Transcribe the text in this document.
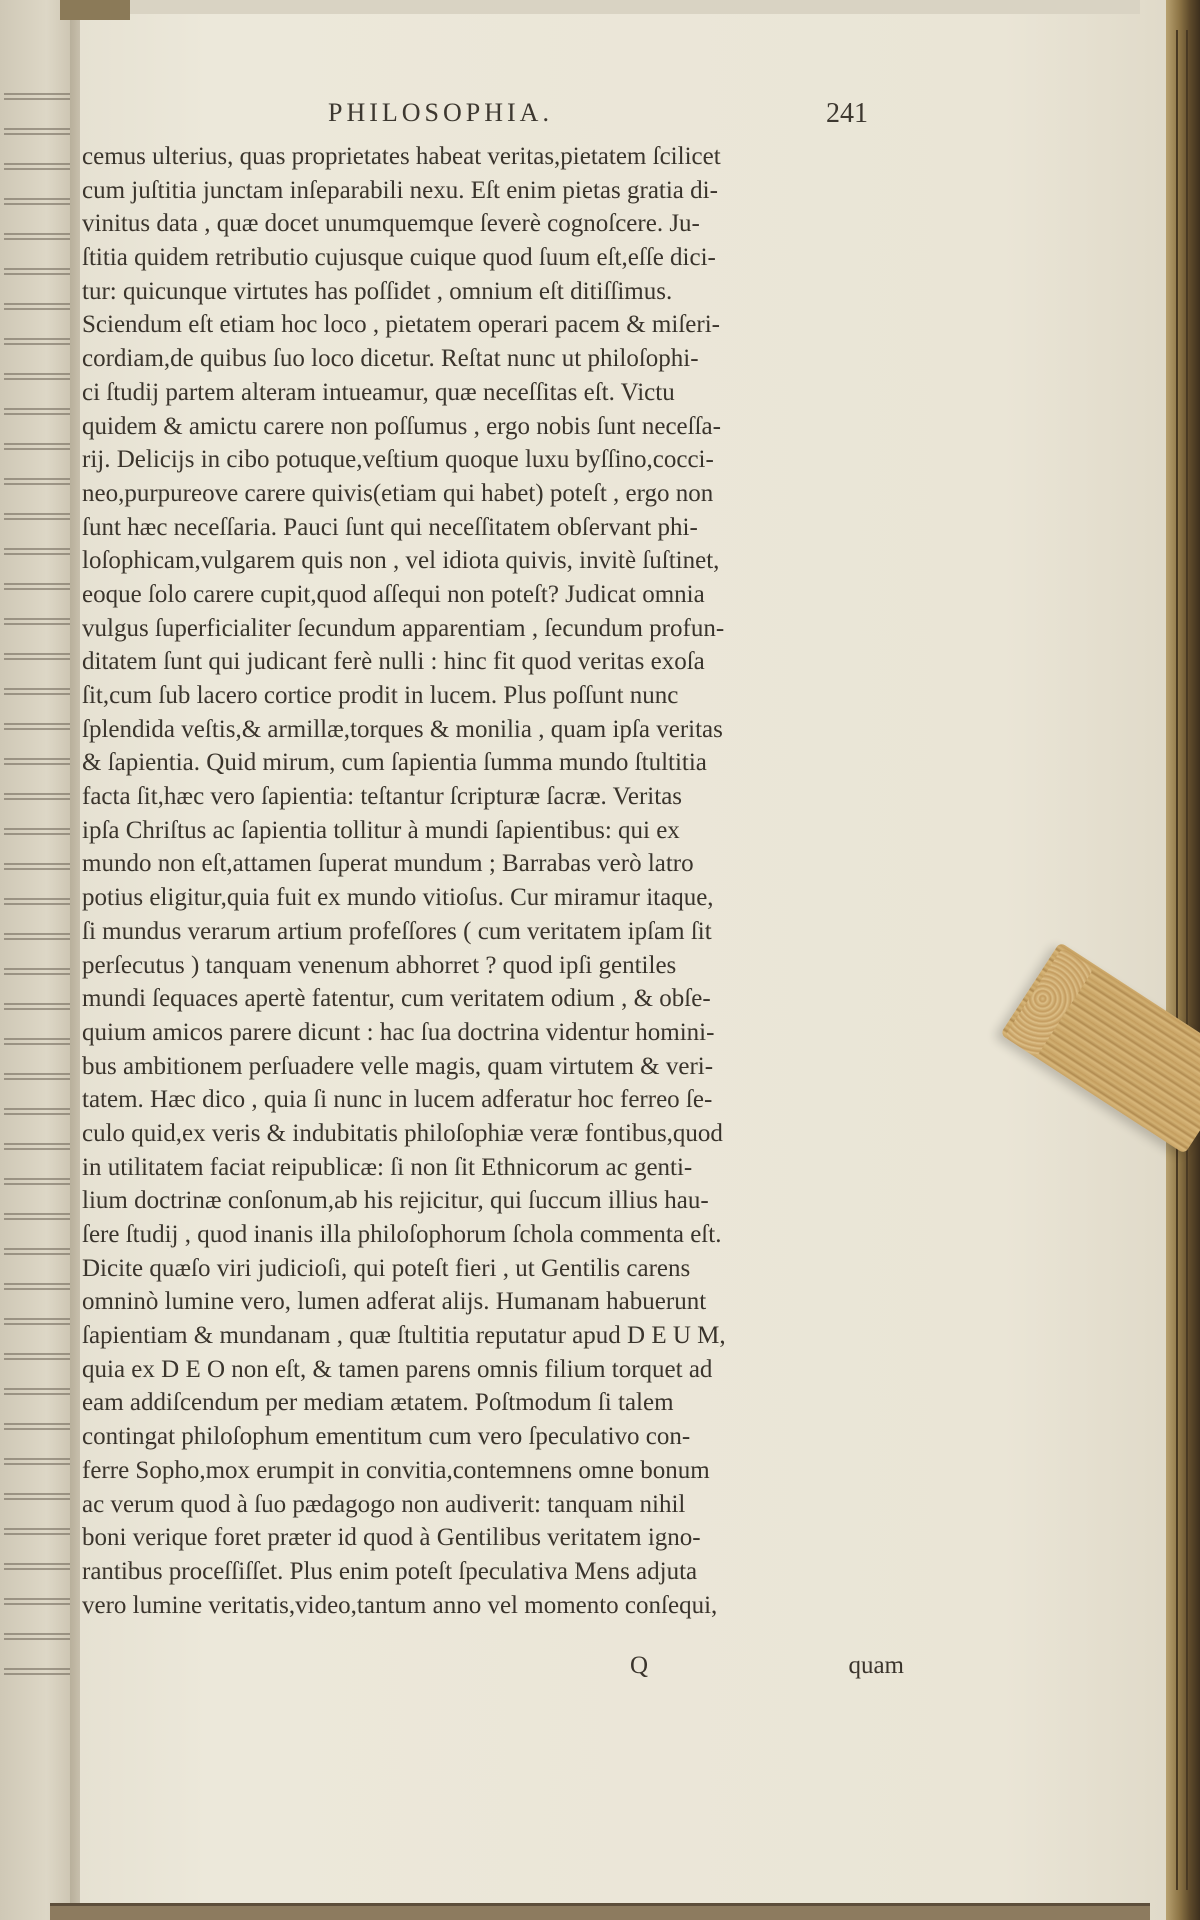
PHILOSOPHIA.	241
cemus ulterius, quas proprietates habeat veritas,pietatem ſcilicet
cum juſtitia junctam inſeparabili nexu. Eſt enim pietas gratia di-
vinitus data , quæ docet unumquemque ſeverè cognoſcere. Ju-
ſtitia quidem retributio cujusque cuique quod ſuum eſt,eſſe dici-
tur: quicunque virtutes has poſſidet , omnium eſt ditiſſimus.
Sciendum eſt etiam hoc loco , pietatem operari pacem & miſeri-
cordiam,de quibus ſuo loco dicetur. Reſtat nunc ut philoſophi-
ci ſtudij partem alteram intueamur, quæ neceſſitas eſt. Victu
quidem & amictu carere non poſſumus , ergo nobis ſunt neceſſa-
rij. Delicijs in cibo potuque,veſtium quoque luxu byſſino,cocci-
neo,purpureove carere quivis(etiam qui habet) poteſt , ergo non
ſunt hæc neceſſaria. Pauci ſunt qui neceſſitatem obſervant phi-
loſophicam,vulgarem quis non , vel idiota quivis, invitè ſuſtinet,
eoque ſolo carere cupit,quod aſſequi non poteſt? Judicat omnia
vulgus ſuperficialiter ſecundum apparentiam , ſecundum profun-
ditatem ſunt qui judicant ferè nulli : hinc fit quod veritas exoſa
ſit,cum ſub lacero cortice prodit in lucem. Plus poſſunt nunc
ſplendida veſtis,& armillæ,torques & monilia , quam ipſa veritas
& ſapientia. Quid mirum, cum ſapientia ſumma mundo ſtultitia
facta ſit,hæc vero ſapientia: teſtantur ſcripturæ ſacræ. Veritas
ipſa Chriſtus ac ſapientia tollitur à mundi ſapientibus: qui ex
mundo non eſt,attamen ſuperat mundum ; Barrabas verò latro
potius eligitur,quia fuit ex mundo vitioſus. Cur miramur itaque,
ſi mundus verarum artium profeſſores ( cum veritatem ipſam ſit
perſecutus ) tanquam venenum abhorret ? quod ipſi gentiles
mundi ſequaces apertè fatentur, cum veritatem odium , & obſe-
quium amicos parere dicunt : hac ſua doctrina videntur homini-
bus ambitionem perſuadere velle magis, quam virtutem & veri-
tatem. Hæc dico , quia ſi nunc in lucem adferatur hoc ferreo ſe-
culo quid,ex veris & indubitatis philoſophiæ veræ fontibus,quod
in utilitatem faciat reipublicæ: ſi non ſit Ethnicorum ac genti-
lium doctrinæ conſonum,ab his rejicitur, qui ſuccum illius hau-
ſere ſtudij , quod inanis illa philoſophorum ſchola commenta eſt.
Dicite quæſo viri judicioſi, qui poteſt fieri , ut Gentilis carens
omninò lumine vero, lumen adferat alijs. Humanam habuerunt
ſapientiam & mundanam , quæ ſtultitia reputatur apud D E U M,
quia ex D E O non eſt, & tamen parens omnis filium torquet ad
eam addiſcendum per mediam ætatem. Poſtmodum ſi talem
contingat philoſophum ementitum cum vero ſpeculativo con-
ferre Sopho,mox erumpit in convitia,contemnens omne bonum
ac verum quod à ſuo pædagogo non audiverit: tanquam nihil
boni verique foret præter id quod à Gentilibus veritatem igno-
rantibus proceſſiſſet. Plus enim poteſt ſpeculativa Mens adjuta
vero lumine veritatis,video,tantum anno vel momento conſequi,
Q	quam
